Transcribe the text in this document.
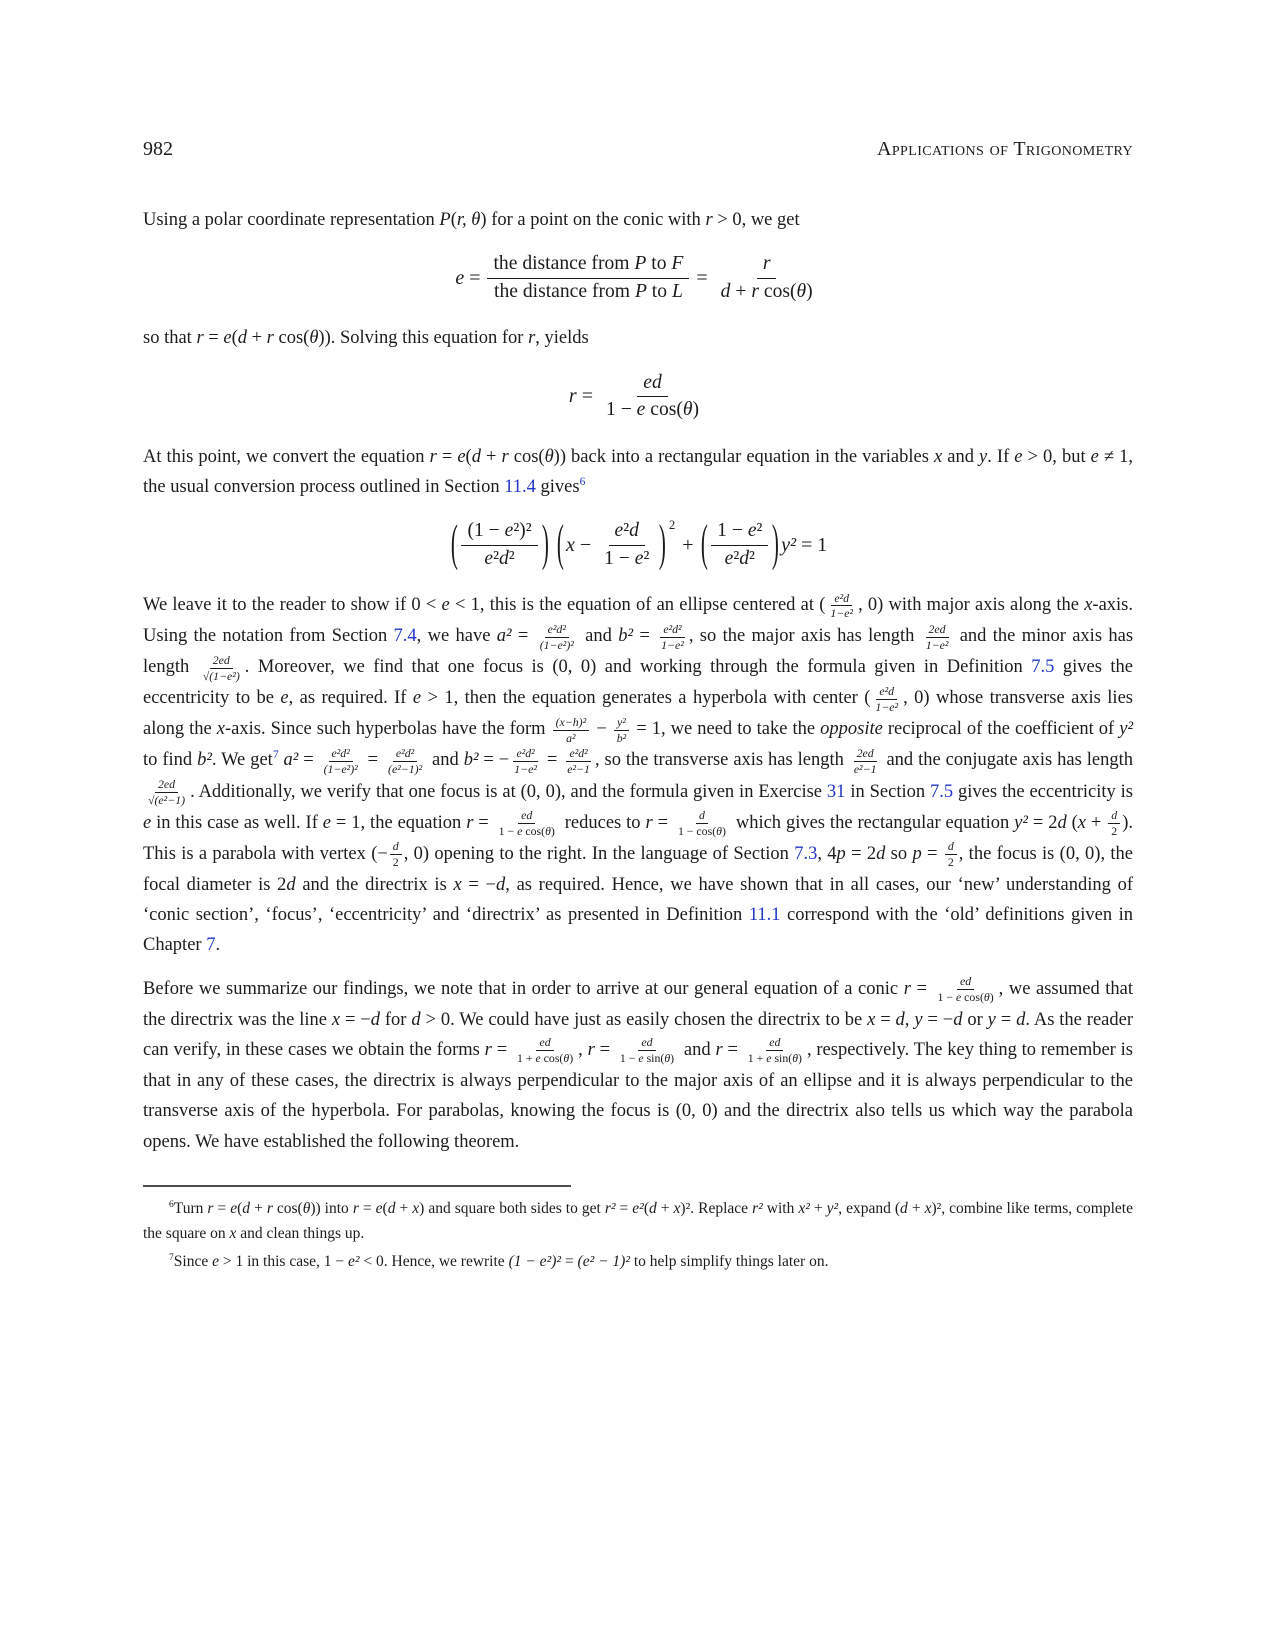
982	Applications of Trigonometry

Using a polar coordinate representation P(r, θ) for a point on the conic with r > 0, we get

$e = \frac{\text{the distance from P to F}}{\text{the distance from P to L}} = \frac{r}{\text{d + r cos(θ)}}$

so that r = e(d + r cos(θ)). Solving this equation for r, yields

$r = \frac{ed}{\text{1 − e cos(θ)}}$

At this point, we convert the equation r = e(d + r cos(θ)) back into a rectangular equation in the variables x and y. If e > 0, but e ≠ 1, the usual conversion process outlined in Section 11.4 gives$^6$

( $\frac{\text{(1 − e²)²}}{\text{e²d²}}$ )
( $x - \frac{\text{e²d}}{\text{1 − e²}}$ ) 2
+ ( $\frac{\text{1 − e²}}{\text{e²d²}}$ ) y² = 1

We leave it to the reader to show if 0 < e < 1, this is the equation of an ellipse centered at ( $\frac{\text{e²d}}{\text{1−e²}}$ , 0) with major axis along the x-axis. Using the notation from Section 7.4, we have $a^2 = \frac{\text{e²d²}}{\text{(1−e²)²}}$ and $b^2 = \frac{\text{e²d²}}{\text{1−e²}}$ , so the major axis has length $\frac{2ed}{\text{1−e²}}$ and the minor axis has length $\frac{2ed}{\text{√(1−e²)}}$ . Moreover, we find that one focus is (0, 0) and working through the formula given in Definition 7.5 gives the eccentricity to be e, as required. If e > 1, then the equation generates a hyperbola with center ( $\frac{\text{e²d}}{\text{1−e²}}$ , 0) whose transverse axis lies along the x-axis. Since such hyperbolas have the form $\frac{\text{(x−h)²}}{\text{a²}} - \frac{\text{y²}}{\text{b²}} = 1$, we need to take the opposite reciprocal of the coefficient of y² to find b². We get$^7$ $a^2 = \frac{\text{e²d²}}{\text{(1−e²)²}} = \frac{\text{e²d²}}{\text{(e²−1)²}}$ and b² = − $\frac{\text{e²d²}}{\text{1−e²}} = \frac{\text{e²d²}}{\text{e²−1}}$ , so the transverse axis has length $\frac{2ed}{\text{e²−1}}$ and the conjugate axis has length
$\frac{2ed}{\text{√(e²−1)}}$ . Additionally, we verify that one focus is at (0, 0), and the formula given in Exercise 31 in Section 7.5 gives the eccentricity is e in this case as well. If e = 1, the equation $r = \frac{ed}{\text{1 − e cos(θ)}}$ reduces to $r = \frac{d}{1 - \cos(\theta)}$ which gives the rectangular equation y² = 2d ($x + \frac{d}{2}$ ). This is a parabola with vertex (− $\frac{d}{2}$ , 0) opening to the right. In the language of Section 7.3, 4p = 2d so $p = \frac{d}{2}$ , the focus is (0, 0), the focal diameter is 2d and the directrix is x = −d, as required. Hence, we have shown that in all cases, our ‘new’ understanding of ‘conic section’, ‘focus’, ‘eccentricity’ and ‘directrix’ as presented in Definition 11.1 correspond with the ‘old’ definitions given in Chapter 7.

Before we summarize our findings, we note that in order to arrive at our general equation of a conic $r = \frac{ed}{\text{1 − e cos(θ)}}$ , we assumed that the directrix was the line x = −d for d > 0. We could have just as easily chosen the directrix to be x = d, y = −d or y = d. As the reader can verify, in these cases we obtain the forms $r = \frac{ed}{\text{1 + e cos(θ)}}$ , $r = \frac{ed}{\text{1 − e sin(θ)}}$ and $r = \frac{ed}{\text{1 + e sin(θ)}}$ , respectively. The key thing to remember is that in any of these cases, the directrix is always perpendicular to the major axis of an ellipse and it is always perpendicular to the transverse axis of the hyperbola. For parabolas, knowing the focus is (0, 0) and the directrix also tells us which way the parabola opens. We have established the following theorem.

$^6$Turn r = e(d + r cos(θ)) into r = e(d + x) and square both sides to get r² = e²(d + x)². Replace r² with x² + y², expand (d + x)², combine like terms, complete the square on x and clean things up.

$^7$Since e > 1 in this case, 1 − e² < 0. Hence, we rewrite (1 − e²)² = (e² − 1)² to help simplify things later on.
